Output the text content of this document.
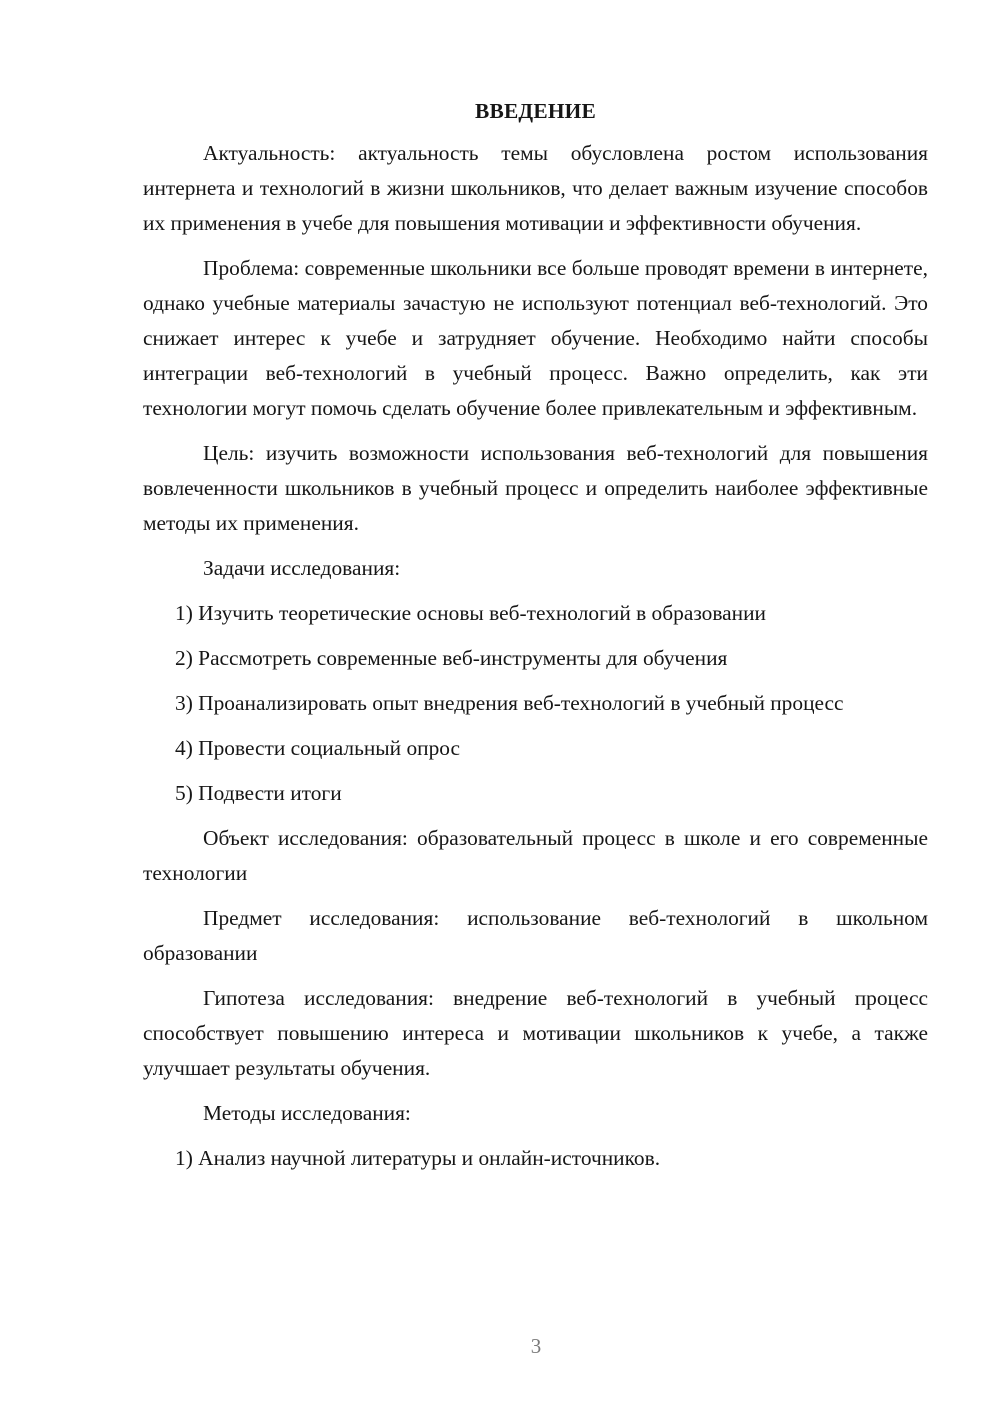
ВВЕДЕНИЕ

Актуальность: актуальность темы обусловлена ростом использования интернета и технологий в жизни школьников, что делает важным изучение способов их применения в учебе для повышения мотивации и эффективности обучения.

Проблема: современные школьники все больше проводят времени в интернете, однако учебные материалы зачастую не используют потенциал веб-технологий. Это снижает интерес к учебе и затрудняет обучение. Необходимо найти способы интеграции веб-технологий в учебный процесс. Важно определить, как эти технологии могут помочь сделать обучение более привлекательным и эффективным.

Цель: изучить возможности использования веб-технологий для повышения вовлеченности школьников в учебный процесс и определить наиболее эффективные методы их применения.

Задачи исследования:

1) Изучить теоретические основы веб-технологий в образовании

2) Рассмотреть современные веб-инструменты для обучения

3) Проанализировать опыт внедрения веб-технологий в учебный процесс

4) Провести социальный опрос

5) Подвести итоги

Объект исследования: образовательный процесс в школе и его современные технологии

Предмет исследования: использование веб-технологий в школьном образовании

Гипотеза исследования: внедрение веб-технологий в учебный процесс способствует повышению интереса и мотивации школьников к учебе, а также улучшает результаты обучения.

Методы исследования:

1) Анализ научной литературы и онлайн-источников.

3
